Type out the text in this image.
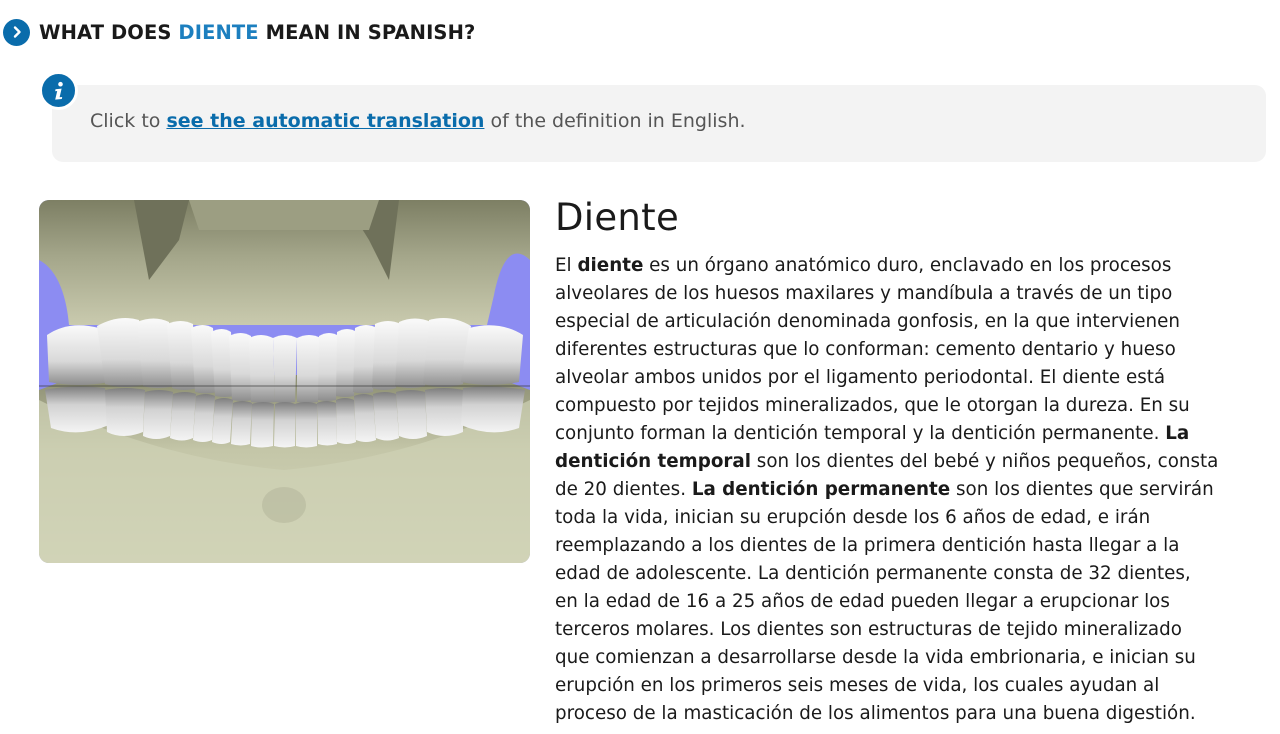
WHAT DOES DIENTE MEAN IN SPANISH?
Click to see the automatic translation of the definition in English.
Diente
El diente es un órgano anatómico duro, enclavado en los procesos
alveolares de los huesos maxilares y mandíbula a través de un tipo
especial de articulación denominada gonfosis, en la que intervienen
diferentes estructuras que lo conforman: cemento dentario y hueso
alveolar ambos unidos por el ligamento periodontal. El diente está
compuesto por tejidos mineralizados, que le otorgan la dureza. En su
conjunto forman la dentición temporal y la dentición permanente. La
dentición temporal son los dientes del bebé y niños pequeños, consta
de 20 dientes. La dentición permanente son los dientes que servirán
toda la vida, inician su erupción desde los 6 años de edad, e irán
reemplazando a los dientes de la primera dentición hasta llegar a la
edad de adolescente. La dentición permanente consta de 32 dientes,
en la edad de 16 a 25 años de edad pueden llegar a erupcionar los
terceros molares. Los dientes son estructuras de tejido mineralizado
que comienzan a desarrollarse desde la vida embrionaria, e inician su
erupción en los primeros seis meses de vida, los cuales ayudan al
proceso de la masticación de los alimentos para una buena digestión.
